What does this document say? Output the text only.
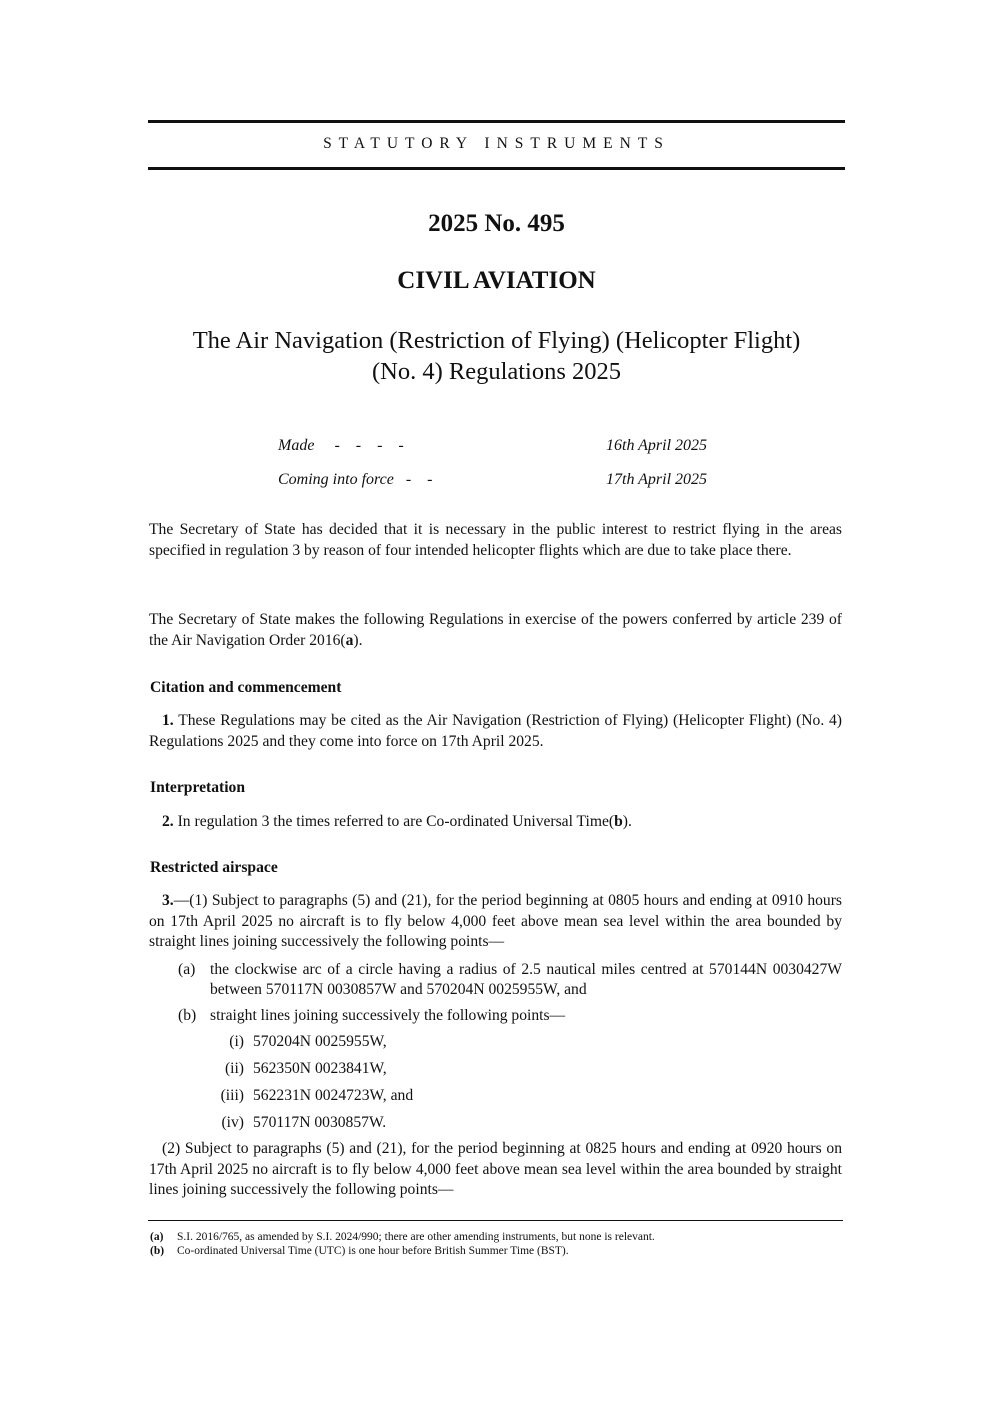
STATUTORY INSTRUMENTS
2025 No. 495
CIVIL AVIATION
The Air Navigation (Restriction of Flying) (Helicopter Flight)
(No. 4) Regulations 2025
Made -    -    -    -	16th April 2025
Coming into force -    -	17th April 2025
The Secretary of State has decided that it is necessary in the public interest to restrict flying in the areas specified in regulation 3 by reason of four intended helicopter flights which are due to take place there.
The Secretary of State makes the following Regulations in exercise of the powers conferred by article 239 of the Air Navigation Order 2016(a).
Citation and commencement
1. These Regulations may be cited as the Air Navigation (Restriction of Flying) (Helicopter Flight) (No. 4) Regulations 2025 and they come into force on 17th April 2025.
Interpretation
2. In regulation 3 the times referred to are Co-ordinated Universal Time(b).
Restricted airspace
3.—(1) Subject to paragraphs (5) and (21), for the period beginning at 0805 hours and ending at 0910 hours on 17th April 2025 no aircraft is to fly below 4,000 feet above mean sea level within the area bounded by straight lines joining successively the following points—
(a) the clockwise arc of a circle having a radius of 2.5 nautical miles centred at 570144N 0030427W between 570117N 0030857W and 570204N 0025955W, and
(b) straight lines joining successively the following points—
(i) 570204N 0025955W,
(ii) 562350N 0023841W,
(iii) 562231N 0024723W, and
(iv) 570117N 0030857W.
(2) Subject to paragraphs (5) and (21), for the period beginning at 0825 hours and ending at 0920 hours on 17th April 2025 no aircraft is to fly below 4,000 feet above mean sea level within the area bounded by straight lines joining successively the following points—
(a) S.I. 2016/765, as amended by S.I. 2024/990; there are other amending instruments, but none is relevant.
(b) Co-ordinated Universal Time (UTC) is one hour before British Summer Time (BST).
